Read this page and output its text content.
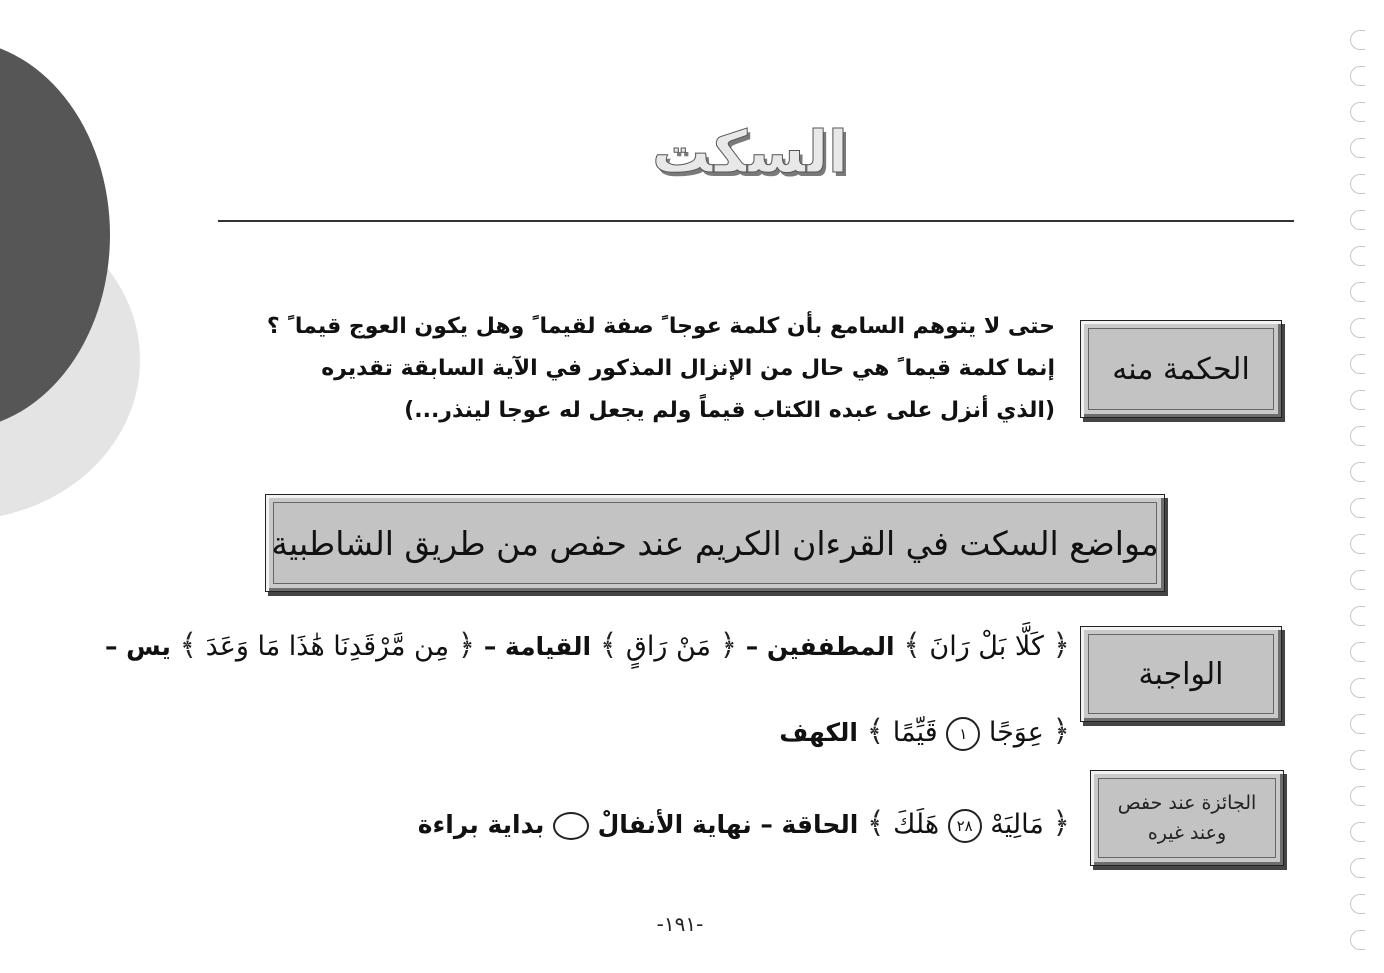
السكت
الحكمة منه
حتى لا يتوهم السامع بأن كلمة عوجا ً صفة لقيما ً وهل يكون العوج قيما ً ؟
إنما كلمة قيما ً هي حال من الإنزال المذكور في الآية السابقة تقديره
(الذي أنزل على عبده الكتاب قيماً ولم يجعل له عوجا لينذر...)
مواضع السكت في القرءان الكريم عند حفص من طريق الشاطبية
الواجبة
﴿ كَلَّا بَلْ رَانَ ﴾ المطففين – ﴿ مَنْ رَاقٍ ﴾ القيامة – ﴿ مِن مَّرْقَدِنَا هَٰذَا مَا وَعَدَ ﴾ يس –
﴿ عِوَجًا ١ قَيِّمًا ﴾ الكهف
الجائزة عند حفص
وعند غيره
﴿ مَالِيَهْ ٢٨ هَلَكَ ﴾ الحاقة – نهاية الأنفالْ  بداية براءة
-١٩١-
